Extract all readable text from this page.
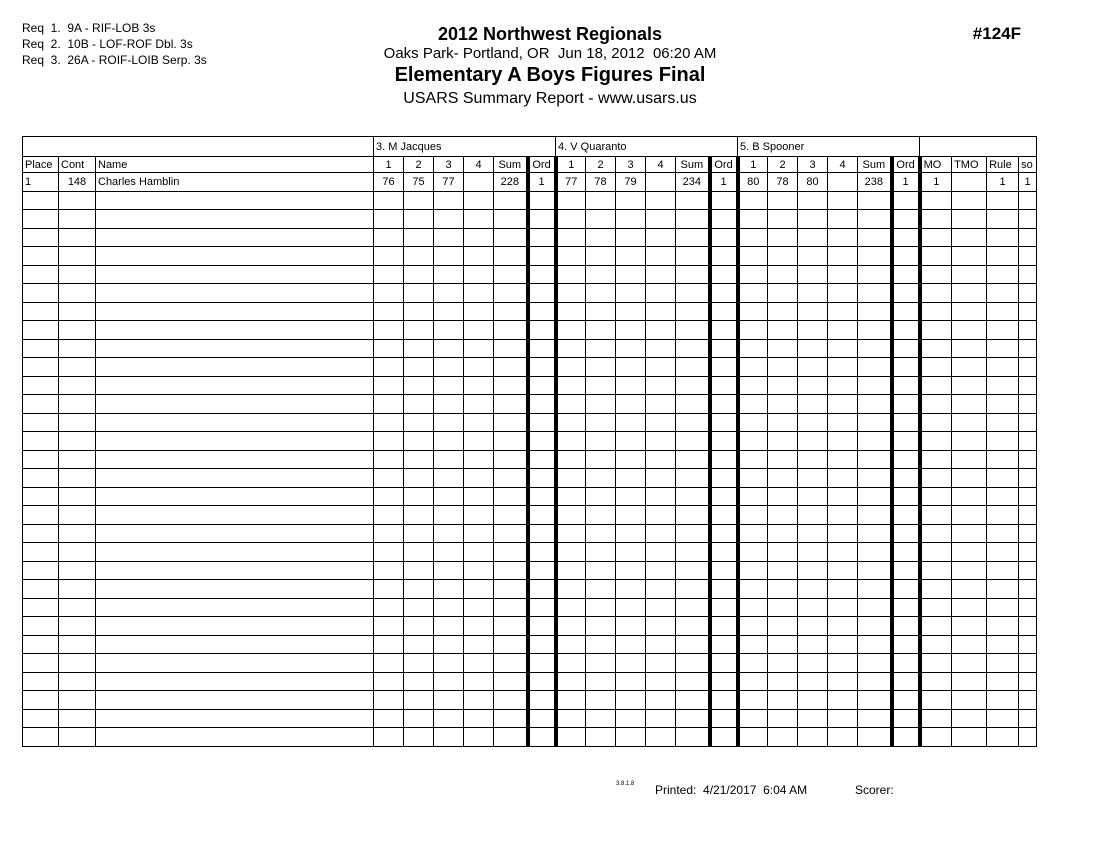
Req  1.  9A - RIF-LOB 3s
Req  2.  10B - LOF-ROF Dbl. 3s
Req  3.  26A - ROIF-LOIB Serp. 3s
2012 Northwest Regionals
Oaks Park- Portland, OR  Jun 18, 2012  06:20 AM
Elementary A Boys Figures Final
USARS Summary Report - www.usars.us
#124F
			3. M Jacques						4. V Quaranto						5. B Spooner									
Place	Cont	Name	1	2	3	4	Sum	Ord	1	2	3	4	Sum	Ord	1	2	3	4	Sum	Ord	MO	TMO	Rule	so
1	148	Charles Hamblin	76	75	77		228	1	77	78	79		234	1	80	78	80		238	1	1		1	1

3.8.1.8 Printed: 4/21/2017  6:04 AM	Scorer:
